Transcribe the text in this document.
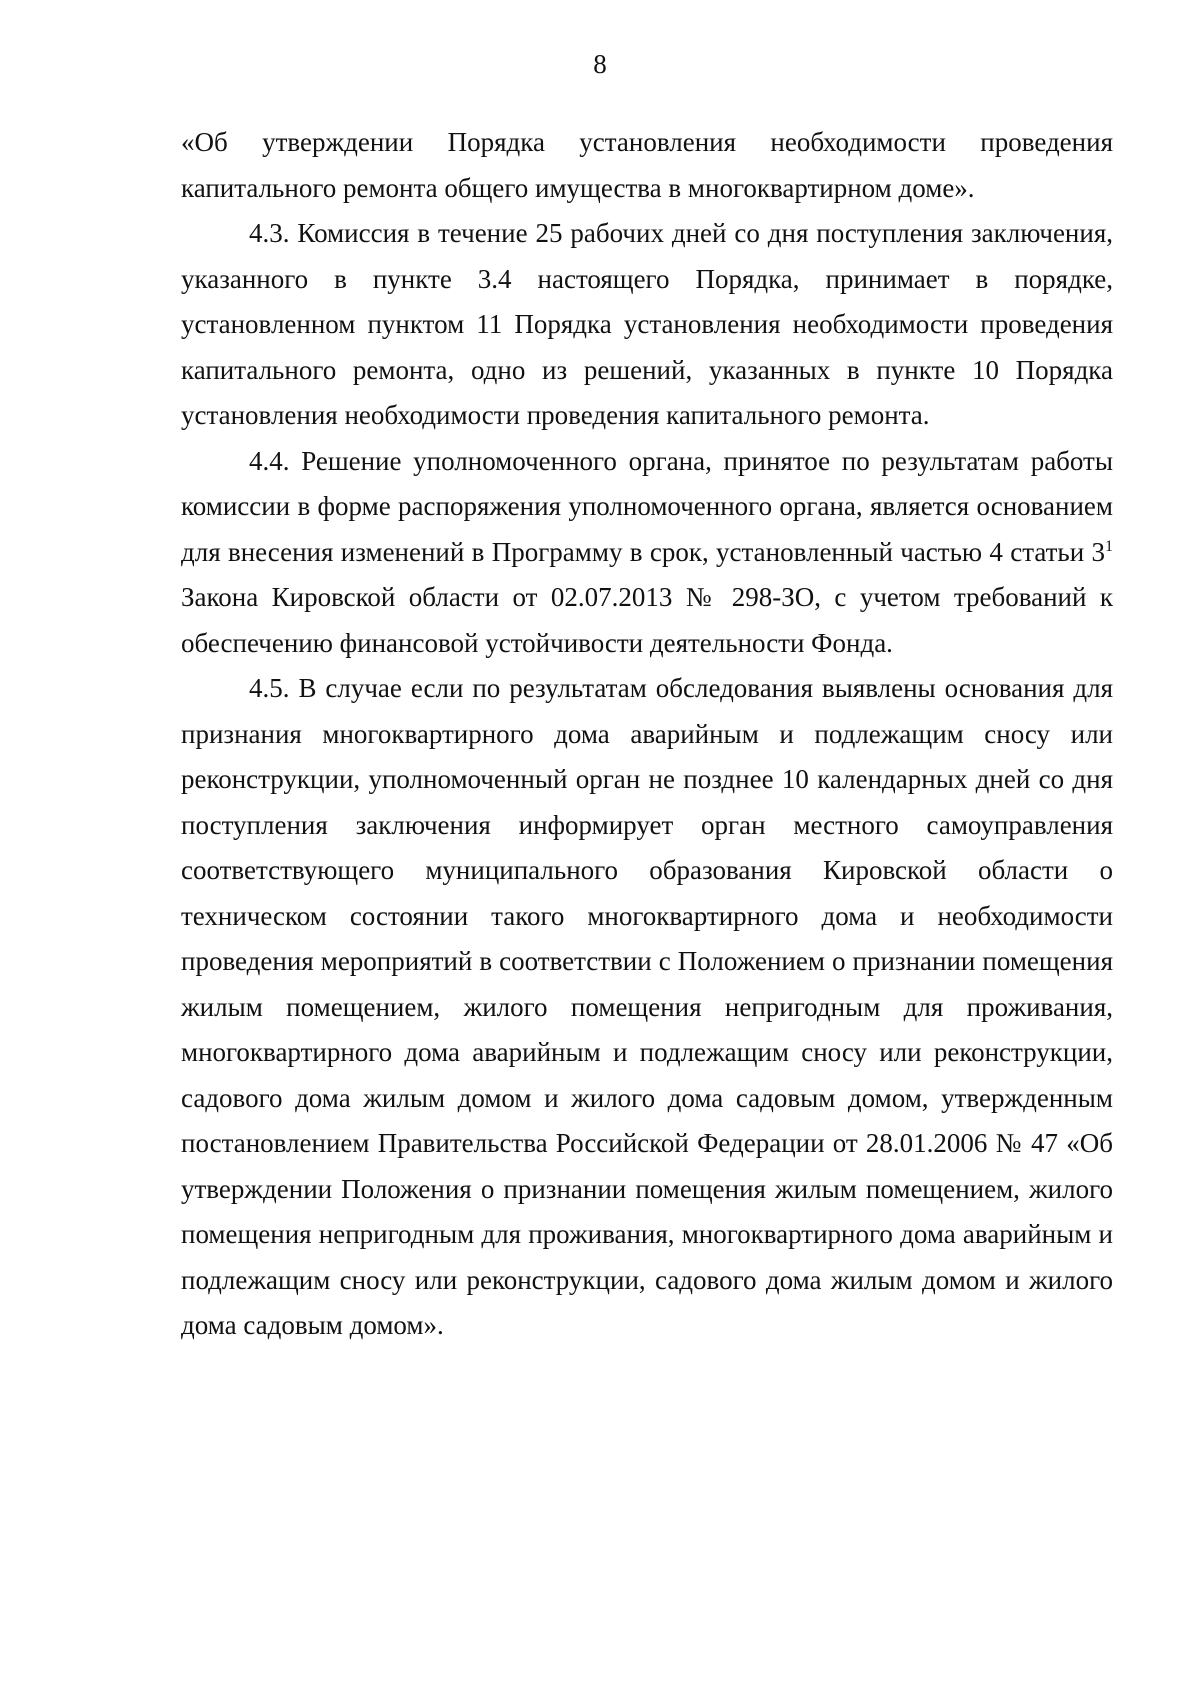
8

«Об утверждении Порядка установления необходимости проведения капитального ремонта общего имущества в многоквартирном доме».

4.3. Комиссия в течение 25 рабочих дней со дня поступления заключения, указанного в пункте 3.4 настоящего Порядка, принимает в порядке, установленном пунктом 11 Порядка установления необходимости проведения капитального ремонта, одно из решений, указанных в пункте 10 Порядка установления необходимости проведения капитального ремонта.

4.4. Решение уполномоченного органа, принятое по результатам работы комиссии в форме распоряжения уполномоченного органа, является основанием для внесения изменений в Программу в срок, установленный частью 4 статьи $3^1$ Закона Кировской области от 02.07.2013 № 298-ЗО, с учетом требований к обеспечению финансовой устойчивости деятельности Фонда.

4.5. В случае если по результатам обследования выявлены основания для признания многоквартирного дома аварийным и подлежащим сносу или реконструкции, уполномоченный орган не позднее 10 календарных дней со дня поступления заключения информирует орган местного самоуправления соответствующего муниципального образования Кировской области о техническом состоянии такого многоквартирного дома и необходимости проведения мероприятий в соответствии с Положением о признании помещения жилым помещением, жилого помещения непригодным для проживания, многоквартирного дома аварийным и подлежащим сносу или реконструкции, садового дома жилым домом и жилого дома садовым домом, утвержденным постановлением Правительства Российской Федерации от 28.01.2006 № 47 «Об утверждении Положения о признании помещения жилым помещением, жилого помещения непригодным для проживания, многоквартирного дома аварийным и подлежащим сносу или реконструкции, садового дома жилым домом и жилого дома садовым домом».
